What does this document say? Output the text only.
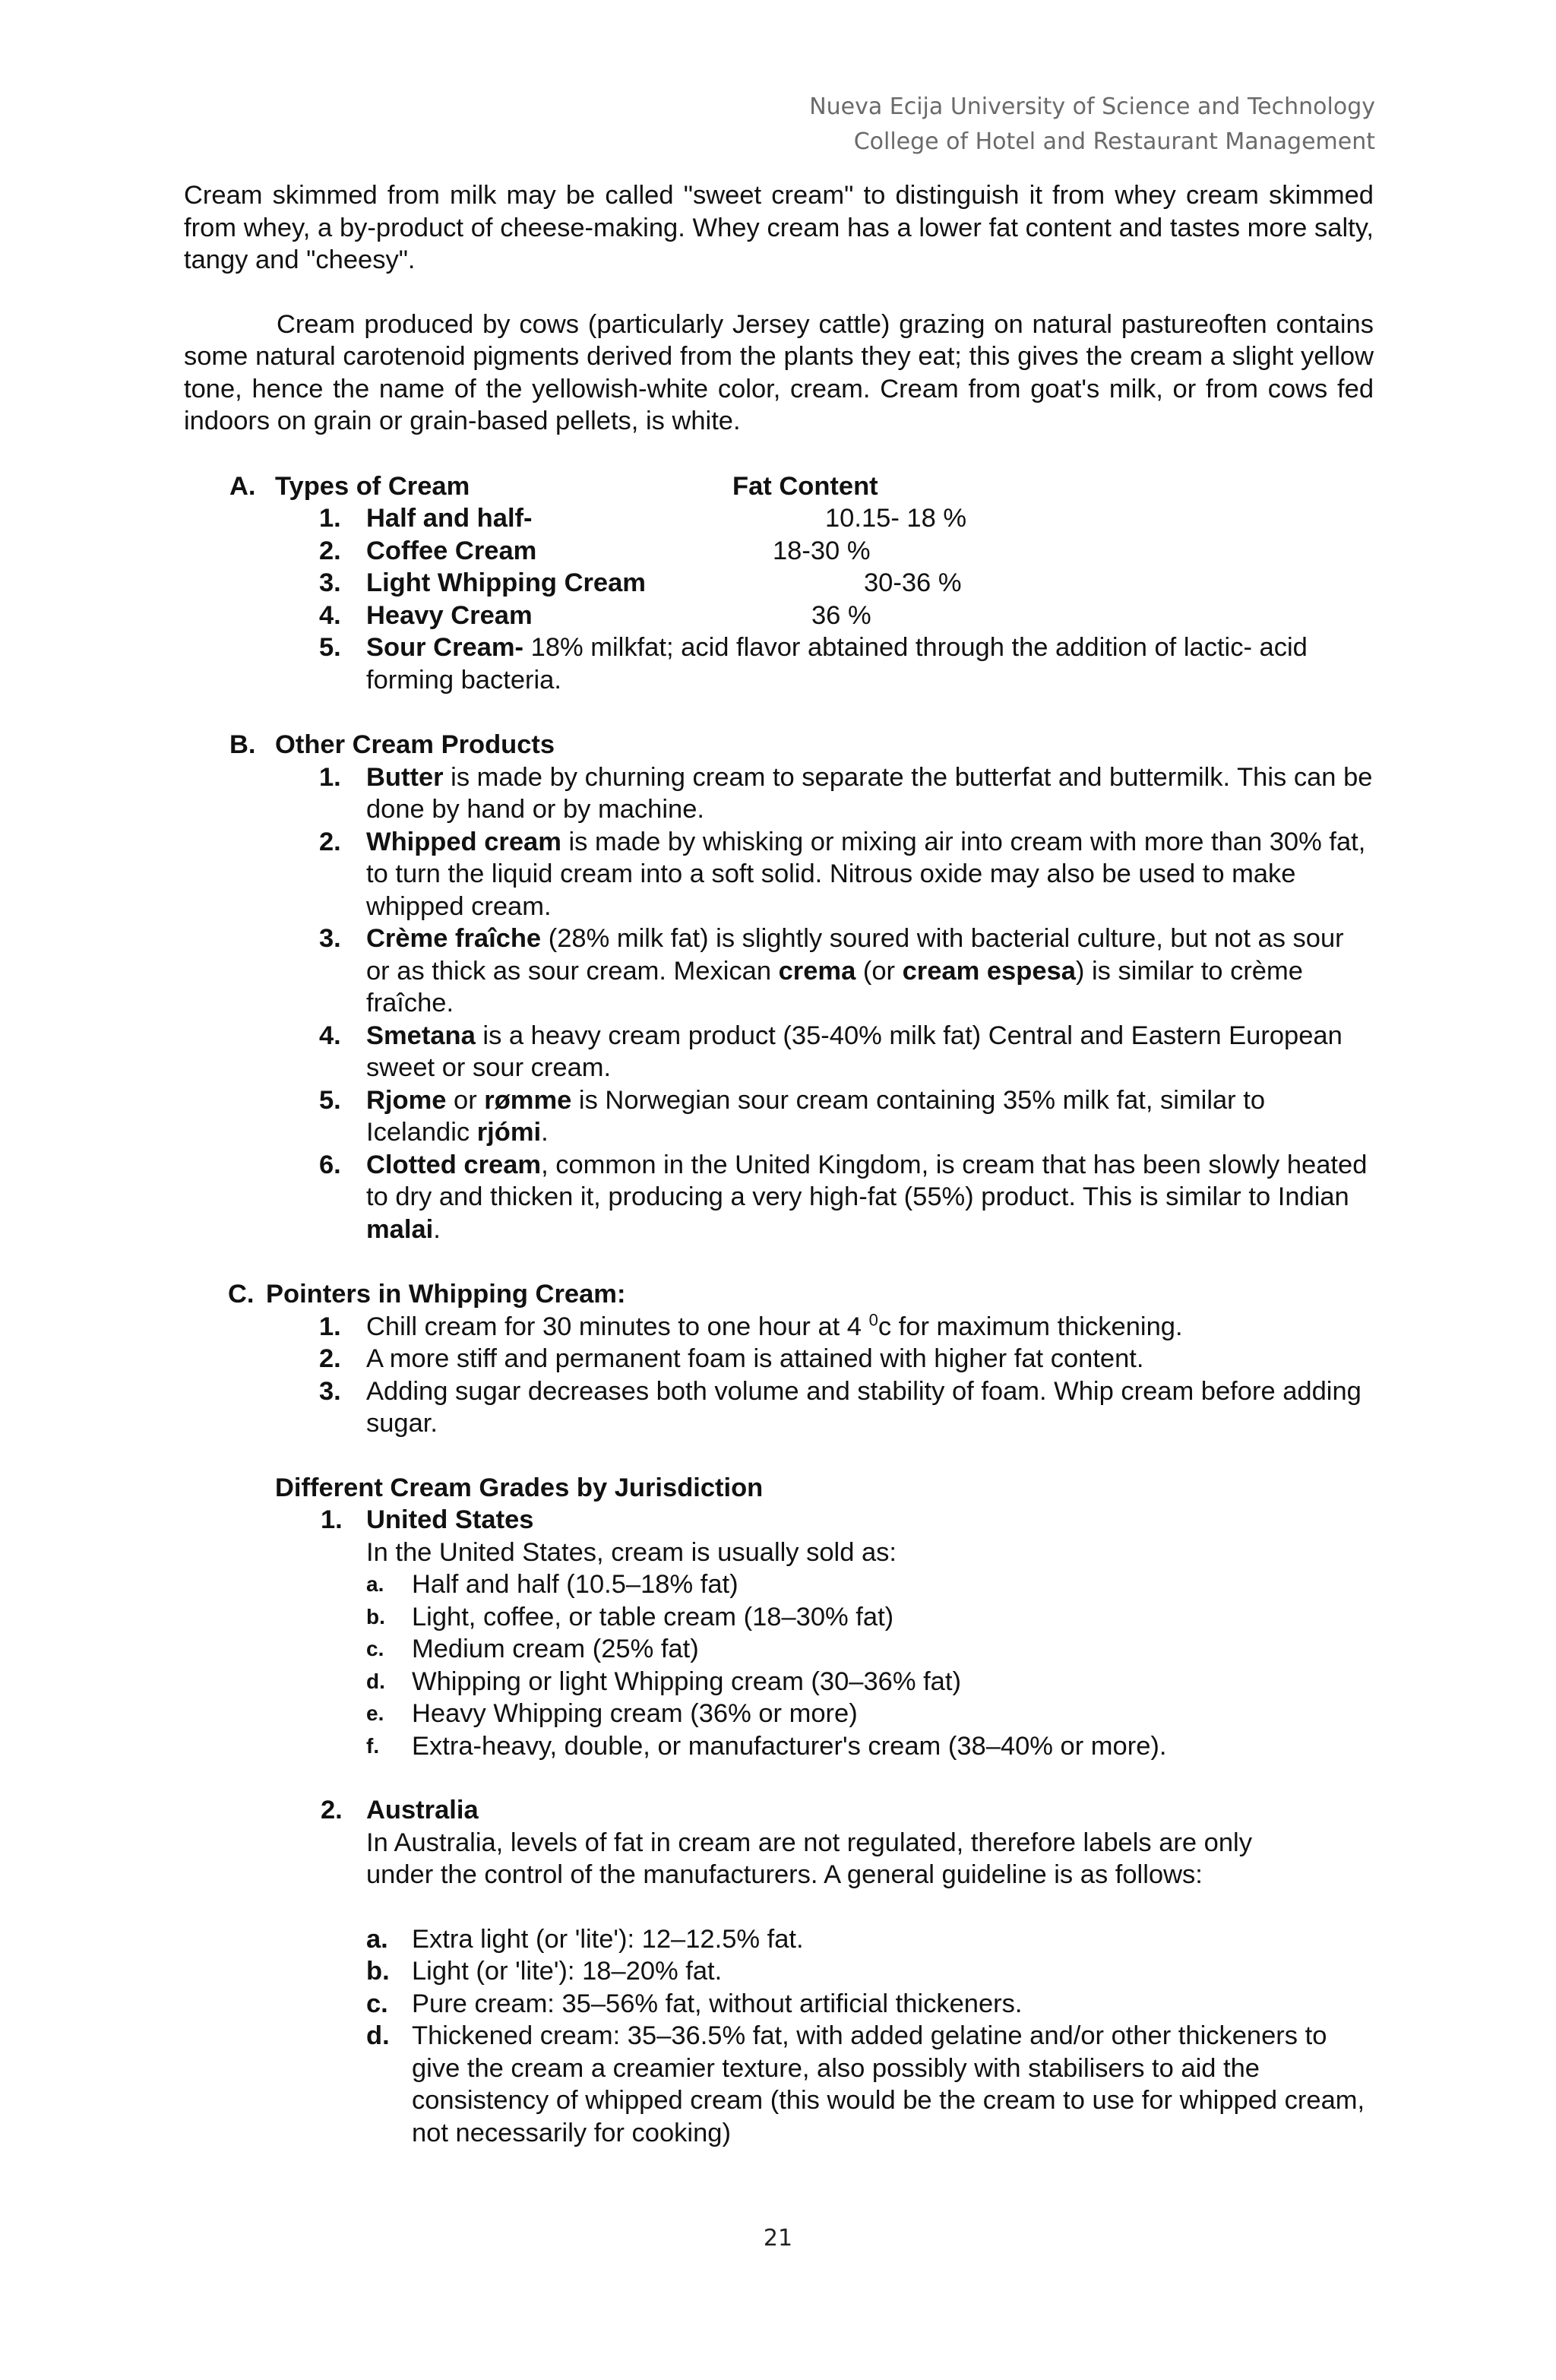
Nueva Ecija University of Science and Technology
College of Hotel and Restaurant Management

Cream skimmed from milk may be called "sweet cream" to distinguish it from whey cream skimmed from whey, a by-product of cheese-making. Whey cream has a lower fat content and tastes more salty, tangy and "cheesy".

Cream produced by cows (particularly Jersey cattle) grazing on natural pastureoften contains some natural carotenoid pigments derived from the plants they eat; this gives the cream a slight yellow tone, hence the name of the yellowish-white color, cream. Cream from goat's milk, or from cows fed indoors on grain or grain-based pellets, is white.

A. Types of Cream	Fat Content
1. Half and half-	10.15- 18 %
2. Coffee Cream	18-30 %
3. Light Whipping Cream	30-36 %
4. Heavy Cream	36 %
5. Sour Cream- 18% milkfat; acid flavor abtained through the addition of lactic- acid forming bacteria.
B. Other Cream Products
1. Butter is made by churning cream to separate the butterfat and buttermilk. This can be done by hand or by machine.
2. Whipped cream is made by whisking or mixing air into cream with more than 30% fat, to turn the liquid cream into a soft solid. Nitrous oxide may also be used to make whipped cream.
3. Crème fraîche (28% milk fat) is slightly soured with bacterial culture, but not as sour or as thick as sour cream. Mexican crema (or cream espesa) is similar to crème fraîche.
4. Smetana is a heavy cream product (35-40% milk fat) Central and Eastern European sweet or sour cream.
5. Rjome or rømme is Norwegian sour cream containing 35% milk fat, similar to Icelandic rjómi.
6. Clotted cream, common in the United Kingdom, is cream that has been slowly heated to dry and thicken it, producing a very high-fat (55%) product. This is similar to Indian malai.
C. Pointers in Whipping Cream:
1. Chill cream for 30 minutes to one hour at 4 $^0$c for maximum thickening.
2. A more stiff and permanent foam is attained with higher fat content.
3. Adding sugar decreases both volume and stability of foam. Whip cream before adding sugar.
Different Cream Grades by Jurisdiction
1. United States
In the United States, cream is usually sold as:
a. Half and half (10.5–18% fat)
b. Light, coffee, or table cream (18–30% fat)
c. Medium cream (25% fat)
d. Whipping or light Whipping cream (30–36% fat)
e. Heavy Whipping cream (36% or more)
f. Extra-heavy, double, or manufacturer's cream (38–40% or more).
2. Australia
In Australia, levels of fat in cream are not regulated, therefore labels are only under the control of the manufacturers. A general guideline is as follows:
a. Extra light (or 'lite'): 12–12.5% fat.
b. Light (or 'lite'): 18–20% fat.
c. Pure cream: 35–56% fat, without artificial thickeners.
d. Thickened cream: 35–36.5% fat, with added gelatine and/or other thickeners to give the cream a creamier texture, also possibly with stabilisers to aid the consistency of whipped cream (this would be the cream to use for whipped cream, not necessarily for cooking)
21
